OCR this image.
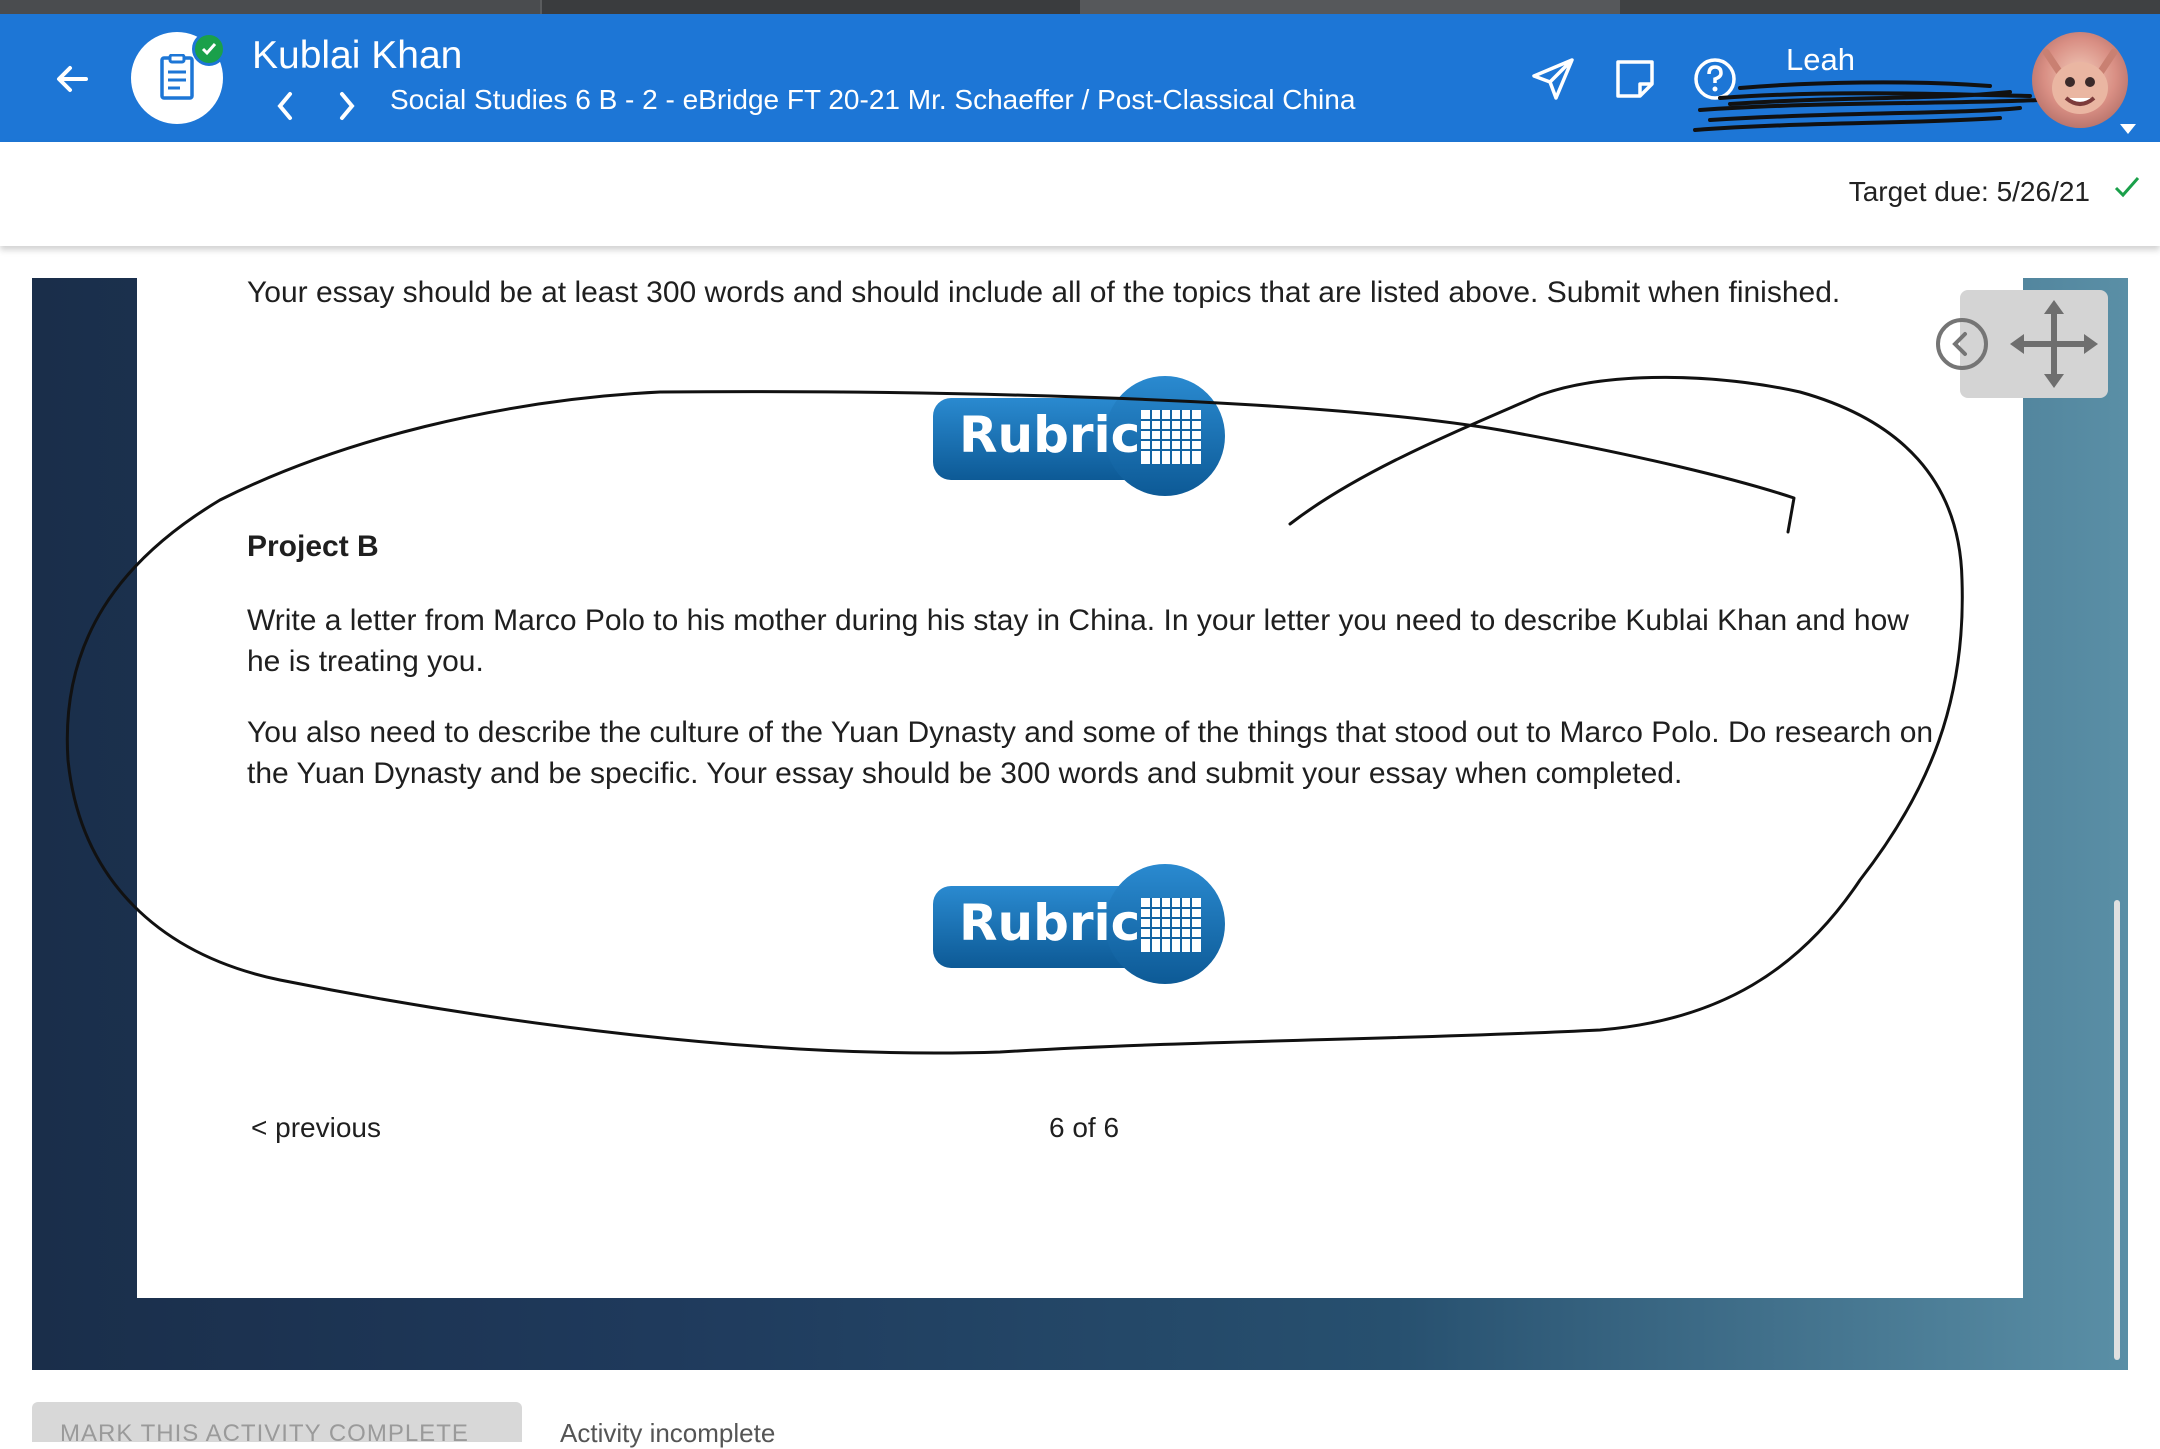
Kublai Khan
Social Studies 6 B - 2 - eBridge FT 20-21 Mr. Schaeffer / Post-Classical China
Leah
Target due: 5/26/21
Your essay should be at least 300 words and should include all of the topics that are listed above. Submit when finished.
Rubric
Project B
Write a letter from Marco Polo to his mother during his stay in China. In your letter you need to describe Kublai Khan and how he is treating you.
You also need to describe the culture of the Yuan Dynasty and some of the things that stood out to Marco Polo. Do research on the Yuan Dynasty and be specific. Your essay should be 300 words and submit your essay when completed.
Rubric
< previous	6 of 6
MARK THIS ACTIVITY COMPLETE	Activity incomplete
